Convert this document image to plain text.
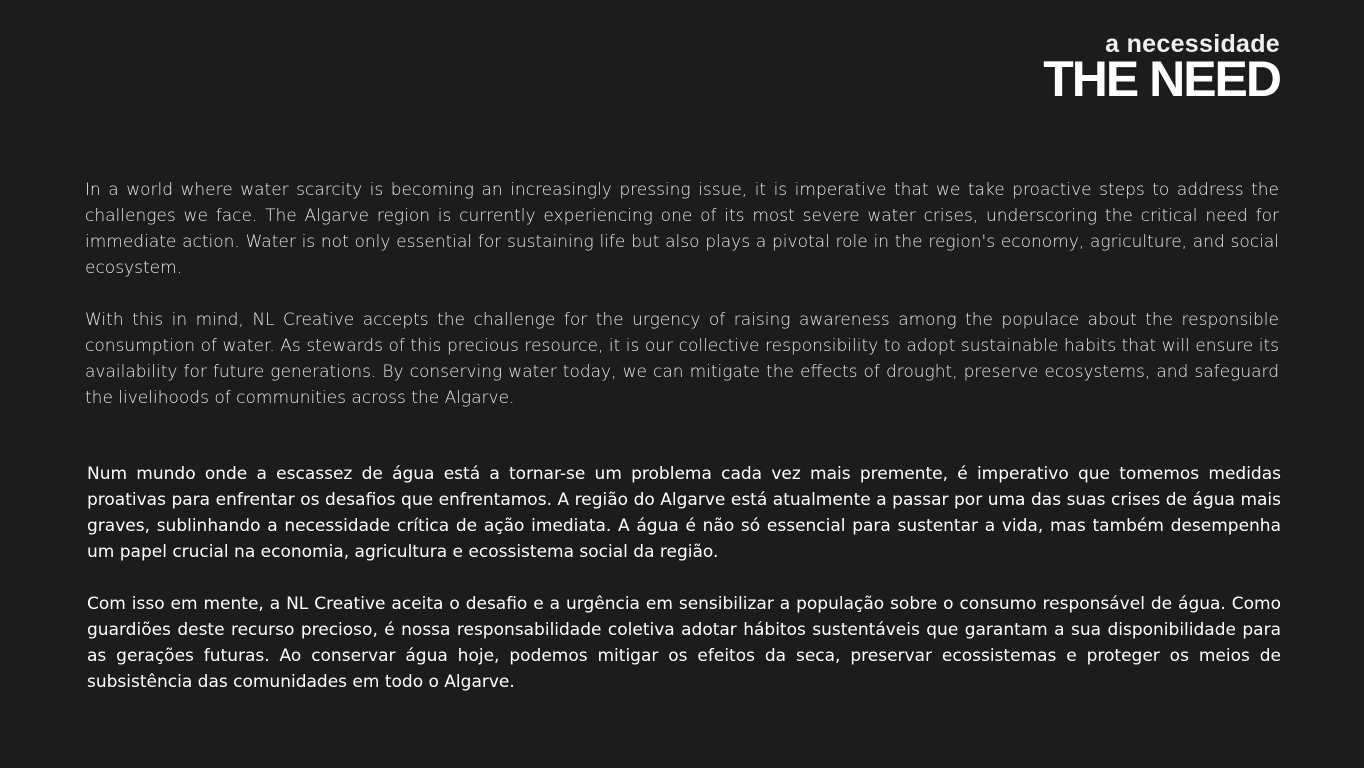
a necessidade
THE NEED

In a world where water scarcity is becoming an increasingly pressing issue, it is imperative that we take proactive steps to address the challenges we face. The Algarve region is currently experiencing one of its most severe water crises, underscoring the critical need for immediate action. Water is not only essential for sustaining life but also plays a pivotal role in the region's economy, agriculture, and social ecosystem.

With this in mind, NL Creative accepts the challenge for the urgency of raising awareness among the populace about the responsible consumption of water. As stewards of this precious resource, it is our collective responsibility to adopt sustainable habits that will ensure its availability for future generations. By conserving water today, we can mitigate the effects of drought, preserve ecosystems, and safeguard the livelihoods of communities across the Algarve.

Num mundo onde a escassez de água está a tornar-se um problema cada vez mais premente, é imperativo que tomemos medidas proativas para enfrentar os desafios que enfrentamos. A região do Algarve está atualmente a passar por uma das suas crises de água mais graves, sublinhando a necessidade crítica de ação imediata. A água é não só essencial para sustentar a vida, mas também desempenha um papel crucial na economia, agricultura e ecossistema social da região.

Com isso em mente, a NL Creative aceita o desafio e a urgência em sensibilizar a população sobre o consumo responsável de água. Como guardiões deste recurso precioso, é nossa responsabilidade coletiva adotar hábitos sustentáveis que garantam a sua disponibilidade para as gerações futuras. Ao conservar água hoje, podemos mitigar os efeitos da seca, preservar ecossistemas e proteger os meios de subsistência das comunidades em todo o Algarve.
